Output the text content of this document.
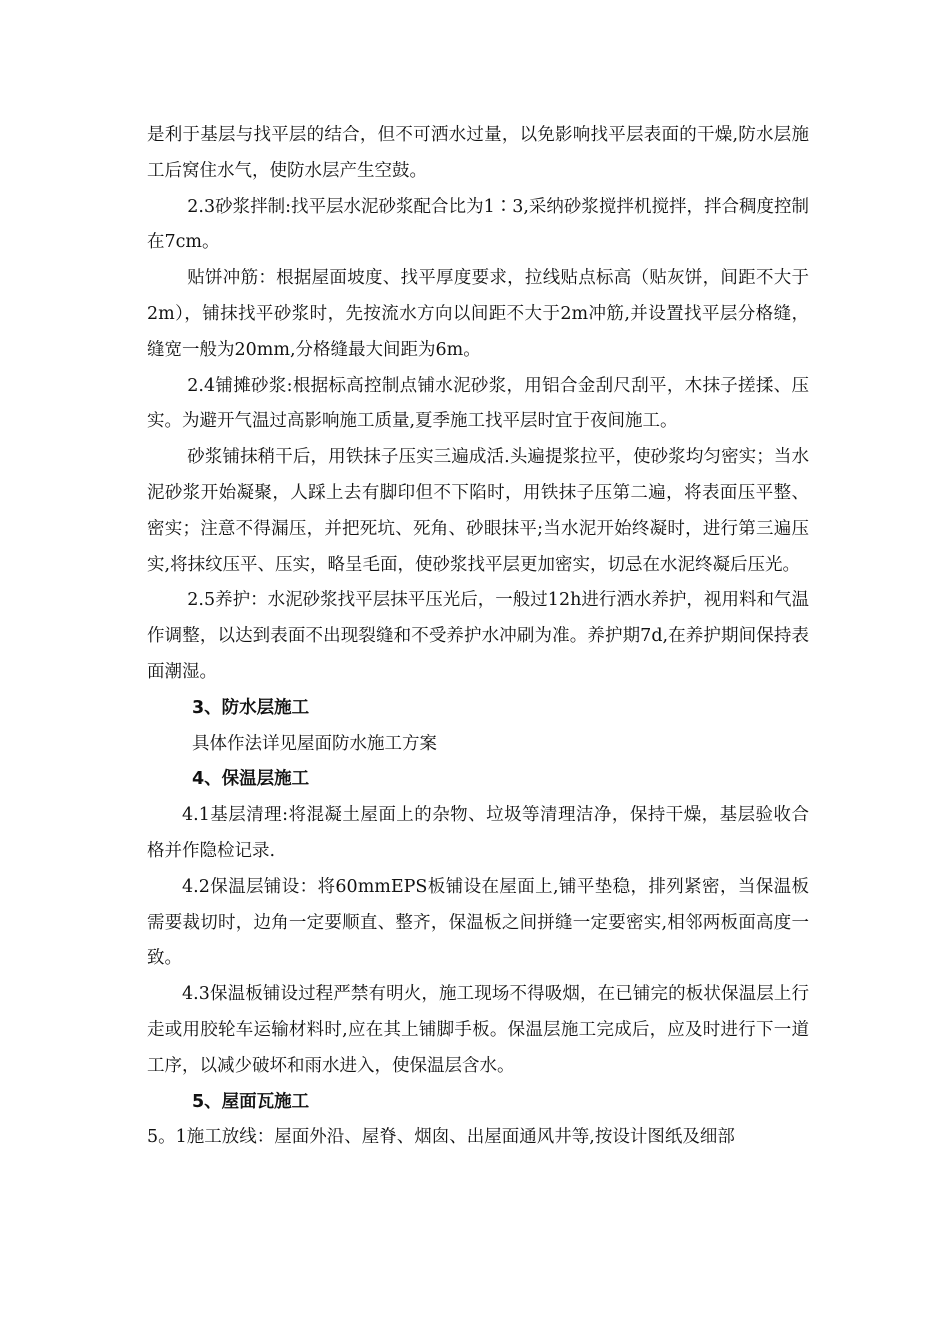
是利于基层与找平层的结合，但不可洒水过量，以免影响找平层表面的干燥,防水层施工后窝住水气，使防水层产生空鼓。

2.3砂浆拌制:找平层水泥砂浆配合比为1∶3,采纳砂浆搅拌机搅拌，拌合稠度控制在7cm。

贴饼冲筋：根据屋面坡度、找平厚度要求，拉线贴点标高（贴灰饼，间距不大于2m），铺抹找平砂浆时，先按流水方向以间距不大于2m冲筋,并设置找平层分格缝，缝宽一般为20mm,分格缝最大间距为6m。

2.4铺摊砂浆:根据标高控制点铺水泥砂浆，用铝合金刮尺刮平，木抹子搓揉、压实。为避开气温过高影响施工质量,夏季施工找平层时宜于夜间施工。

砂浆铺抹稍干后，用铁抹子压实三遍成活.头遍提浆拉平，使砂浆均匀密实；当水泥砂浆开始凝聚，人踩上去有脚印但不下陷时，用铁抹子压第二遍，将表面压平整、密实；注意不得漏压，并把死坑、死角、砂眼抹平;当水泥开始终凝时，进行第三遍压实,将抹纹压平、压实，略呈毛面，使砂浆找平层更加密实，切忌在水泥终凝后压光。

2.5养护：水泥砂浆找平层抹平压光后，一般过12h进行洒水养护，视用料和气温作调整，以达到表面不出现裂缝和不受养护水冲刷为准。养护期7d,在养护期间保持表面潮湿。

3、防水层施工

具体作法详见屋面防水施工方案

4、保温层施工

4.1基层清理:将混凝土屋面上的杂物、垃圾等清理洁净，保持干燥，基层验收合格并作隐检记录.

4.2保温层铺设：将60mmEPS板铺设在屋面上,铺平垫稳，排列紧密，当保温板需要裁切时，边角一定要顺直、整齐，保温板之间拼缝一定要密实,相邻两板面高度一致。

4.3保温板铺设过程严禁有明火，施工现场不得吸烟，在已铺完的板状保温层上行走或用胶轮车运输材料时,应在其上铺脚手板。保温层施工完成后，应及时进行下一道工序，以减少破坏和雨水进入，使保温层含水。

5、屋面瓦施工

5。1施工放线：屋面外沿、屋脊、烟囱、出屋面通风井等,按设计图纸及细部
